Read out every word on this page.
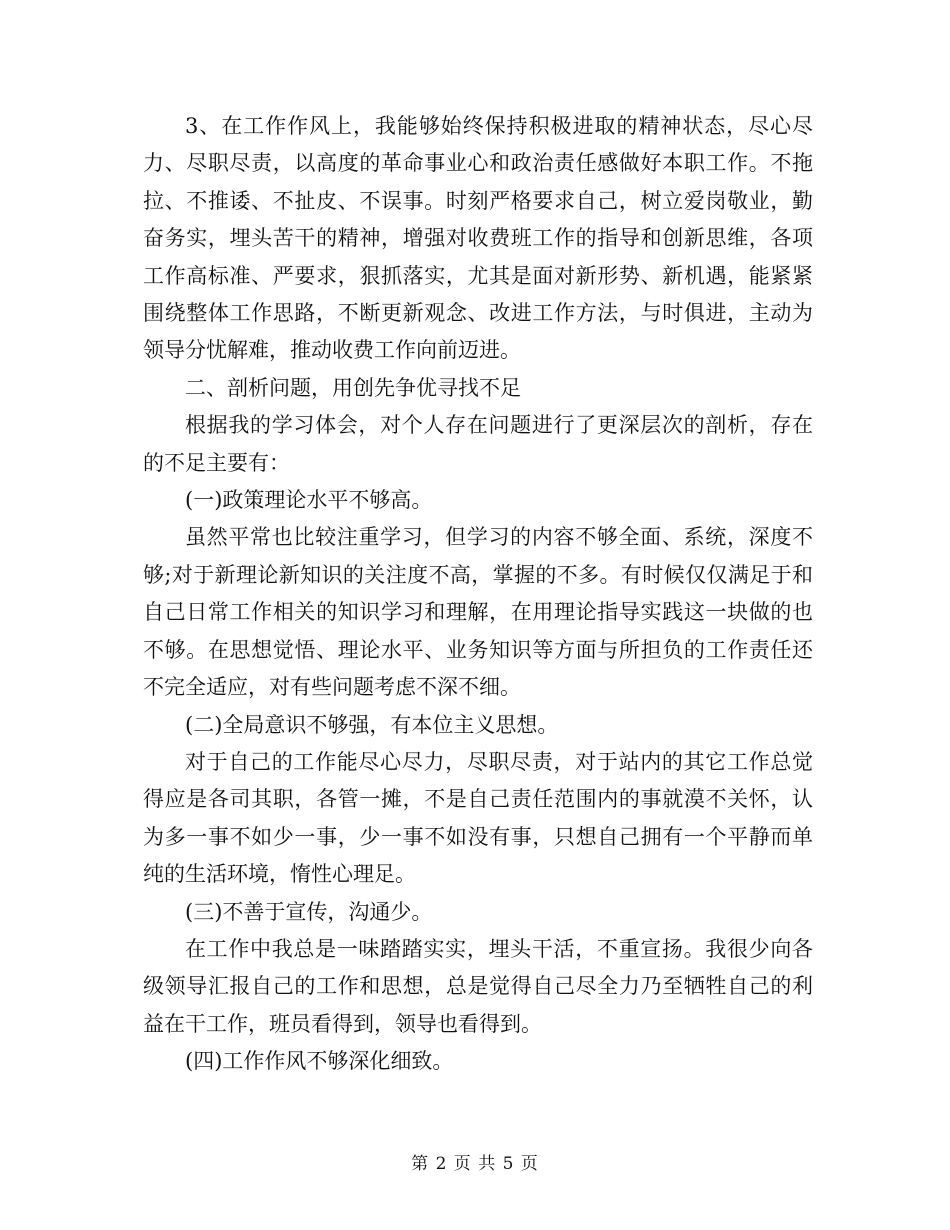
3、在工作作风上，我能够始终保持积极进取的精神状态，尽心尽力、尽职尽责，以高度的革命事业心和政治责任感做好本职工作。不拖拉、不推诿、不扯皮、不误事。时刻严格要求自己，树立爱岗敬业，勤奋务实，埋头苦干的精神，增强对收费班工作的指导和创新思维，各项工作高标准、严要求，狠抓落实，尤其是面对新形势、新机遇，能紧紧围绕整体工作思路，不断更新观念、改进工作方法，与时俱进，主动为领导分忧解难，推动收费工作向前迈进。

二、剖析问题，用创先争优寻找不足

根据我的学习体会，对个人存在问题进行了更深层次的剖析，存在的不足主要有：

(一)政策理论水平不够高。

虽然平常也比较注重学习，但学习的内容不够全面、系统，深度不够;对于新理论新知识的关注度不高，掌握的不多。有时候仅仅满足于和自己日常工作相关的知识学习和理解，在用理论指导实践这一块做的也不够。在思想觉悟、理论水平、业务知识等方面与所担负的工作责任还不完全适应，对有些问题考虑不深不细。

(二)全局意识不够强，有本位主义思想。

对于自己的工作能尽心尽力，尽职尽责，对于站内的其它工作总觉得应是各司其职，各管一摊，不是自己责任范围内的事就漠不关怀，认为多一事不如少一事，少一事不如没有事，只想自己拥有一个平静而单纯的生活环境，惰性心理足。

(三)不善于宣传，沟通少。

在工作中我总是一味踏踏实实，埋头干活，不重宣扬。我很少向各级领导汇报自己的工作和思想，总是觉得自己尽全力乃至牺牲自己的利益在干工作，班员看得到，领导也看得到。

(四)工作作风不够深化细致。

第 2 页 共 5 页
